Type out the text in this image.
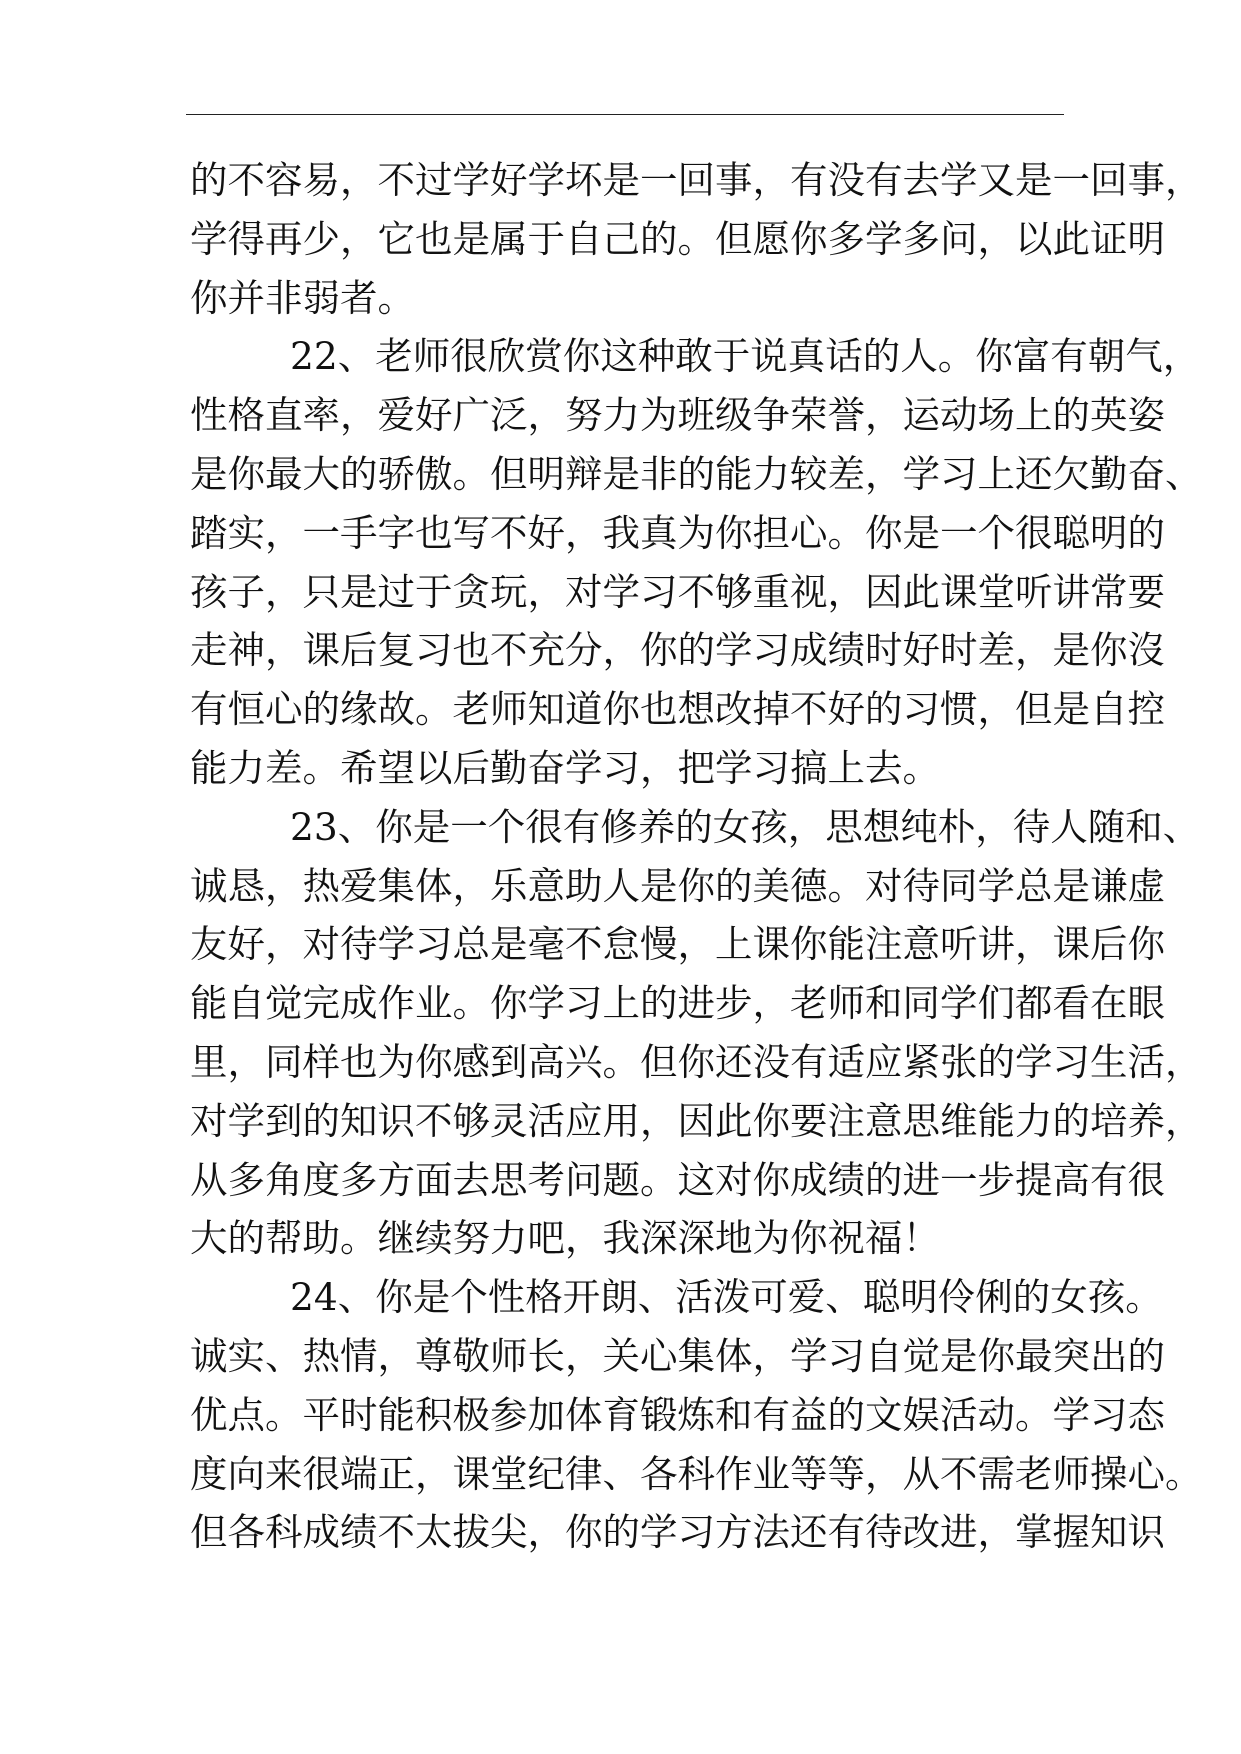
的不容易，不过学好学坏是一回事，有没有去学又是一回事，
学得再少，它也是属于自己的。但愿你多学多问，以此证明
你并非弱者。
22、老师很欣赏你这种敢于说真话的人。你富有朝气，
性格直率，爱好广泛，努力为班级争荣誉，运动场上的英姿
是你最大的骄傲。但明辩是非的能力较差，学习上还欠勤奋、
踏实，一手字也写不好，我真为你担心。你是一个很聪明的
孩子，只是过于贪玩，对学习不够重视，因此课堂听讲常要
走神，课后复习也不充分，你的学习成绩时好时差，是你沒
有恒心的缘故。老师知道你也想改掉不好的习惯，但是自控
能力差。希望以后勤奋学习，把学习搞上去。
23、你是一个很有修养的女孩，思想纯朴，待人随和、
诚恳，热爱集体，乐意助人是你的美德。对待同学总是谦虚
友好，对待学习总是毫不怠慢，上课你能注意听讲，课后你
能自觉完成作业。你学习上的进步，老师和同学们都看在眼
里，同样也为你感到高兴。但你还没有适应紧张的学习生活，
对学到的知识不够灵活应用，因此你要注意思维能力的培养，
从多角度多方面去思考问题。这对你成绩的进一步提高有很
大的帮助。继续努力吧，我深深地为你祝福！
24、你是个性格开朗、活泼可爱、聪明伶俐的女孩。
诚实、热情，尊敬师长，关心集体，学习自觉是你最突出的
优点。平时能积极参加体育锻炼和有益的文娱活动。学习态
度向来很端正，课堂纪律、各科作业等等，从不需老师操心。
但各科成绩不太拔尖，你的学习方法还有待改进，掌握知识
